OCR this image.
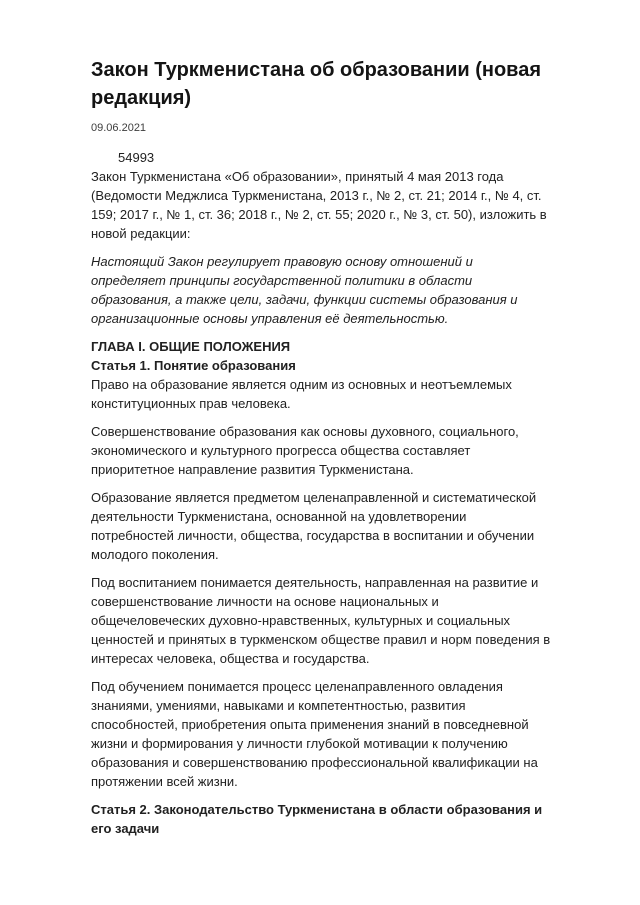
Закон Туркменистана об образовании (новая редакция)
09.06.2021

54993

Закон Туркменистана «Об образовании», принятый 4 мая 2013 года (Ведомости Меджлиса Туркменистана, 2013 г., № 2, ст. 21; 2014 г., № 4, ст. 159; 2017 г., № 1, ст. 36; 2018 г., № 2, ст. 55; 2020 г., № 3, ст. 50), изложить в новой редакции:

Настоящий Закон регулирует правовую основу отношений и определяет принципы государственной политики в области образования, а также цели, задачи, функции системы образования и организационные основы управления её деятельностью.

ГЛАВА I. ОБЩИЕ ПОЛОЖЕНИЯ

Статья 1. Понятие образования

Право на образование является одним из основных и неотъемлемых конституционных прав человека.

Совершенствование образования как основы духовного, социального, экономического и культурного прогресса общества составляет приоритетное направление развития Туркменистана.

Образование является предметом целенаправленной и систематической деятельности Туркменистана, основанной на удовлетворении потребностей личности, общества, государства в воспитании и обучении молодого поколения.

Под воспитанием понимается деятельность, направленная на развитие и совершенствование личности на основе национальных и общечеловеческих духовно-нравственных, культурных и социальных ценностей и принятых в туркменском обществе правил и норм поведения в интересах человека, общества и государства.

Под обучением понимается процесс целенаправленного овладения знаниями, умениями, навыками и компетентностью, развития способностей, приобретения опыта применения знаний в повседневной жизни и формирования у личности глубокой мотивации к получению образования и совершенствованию профессиональной квалификации на протяжении всей жизни.

Статья 2. Законодательство Туркменистана в области образования и его задачи
